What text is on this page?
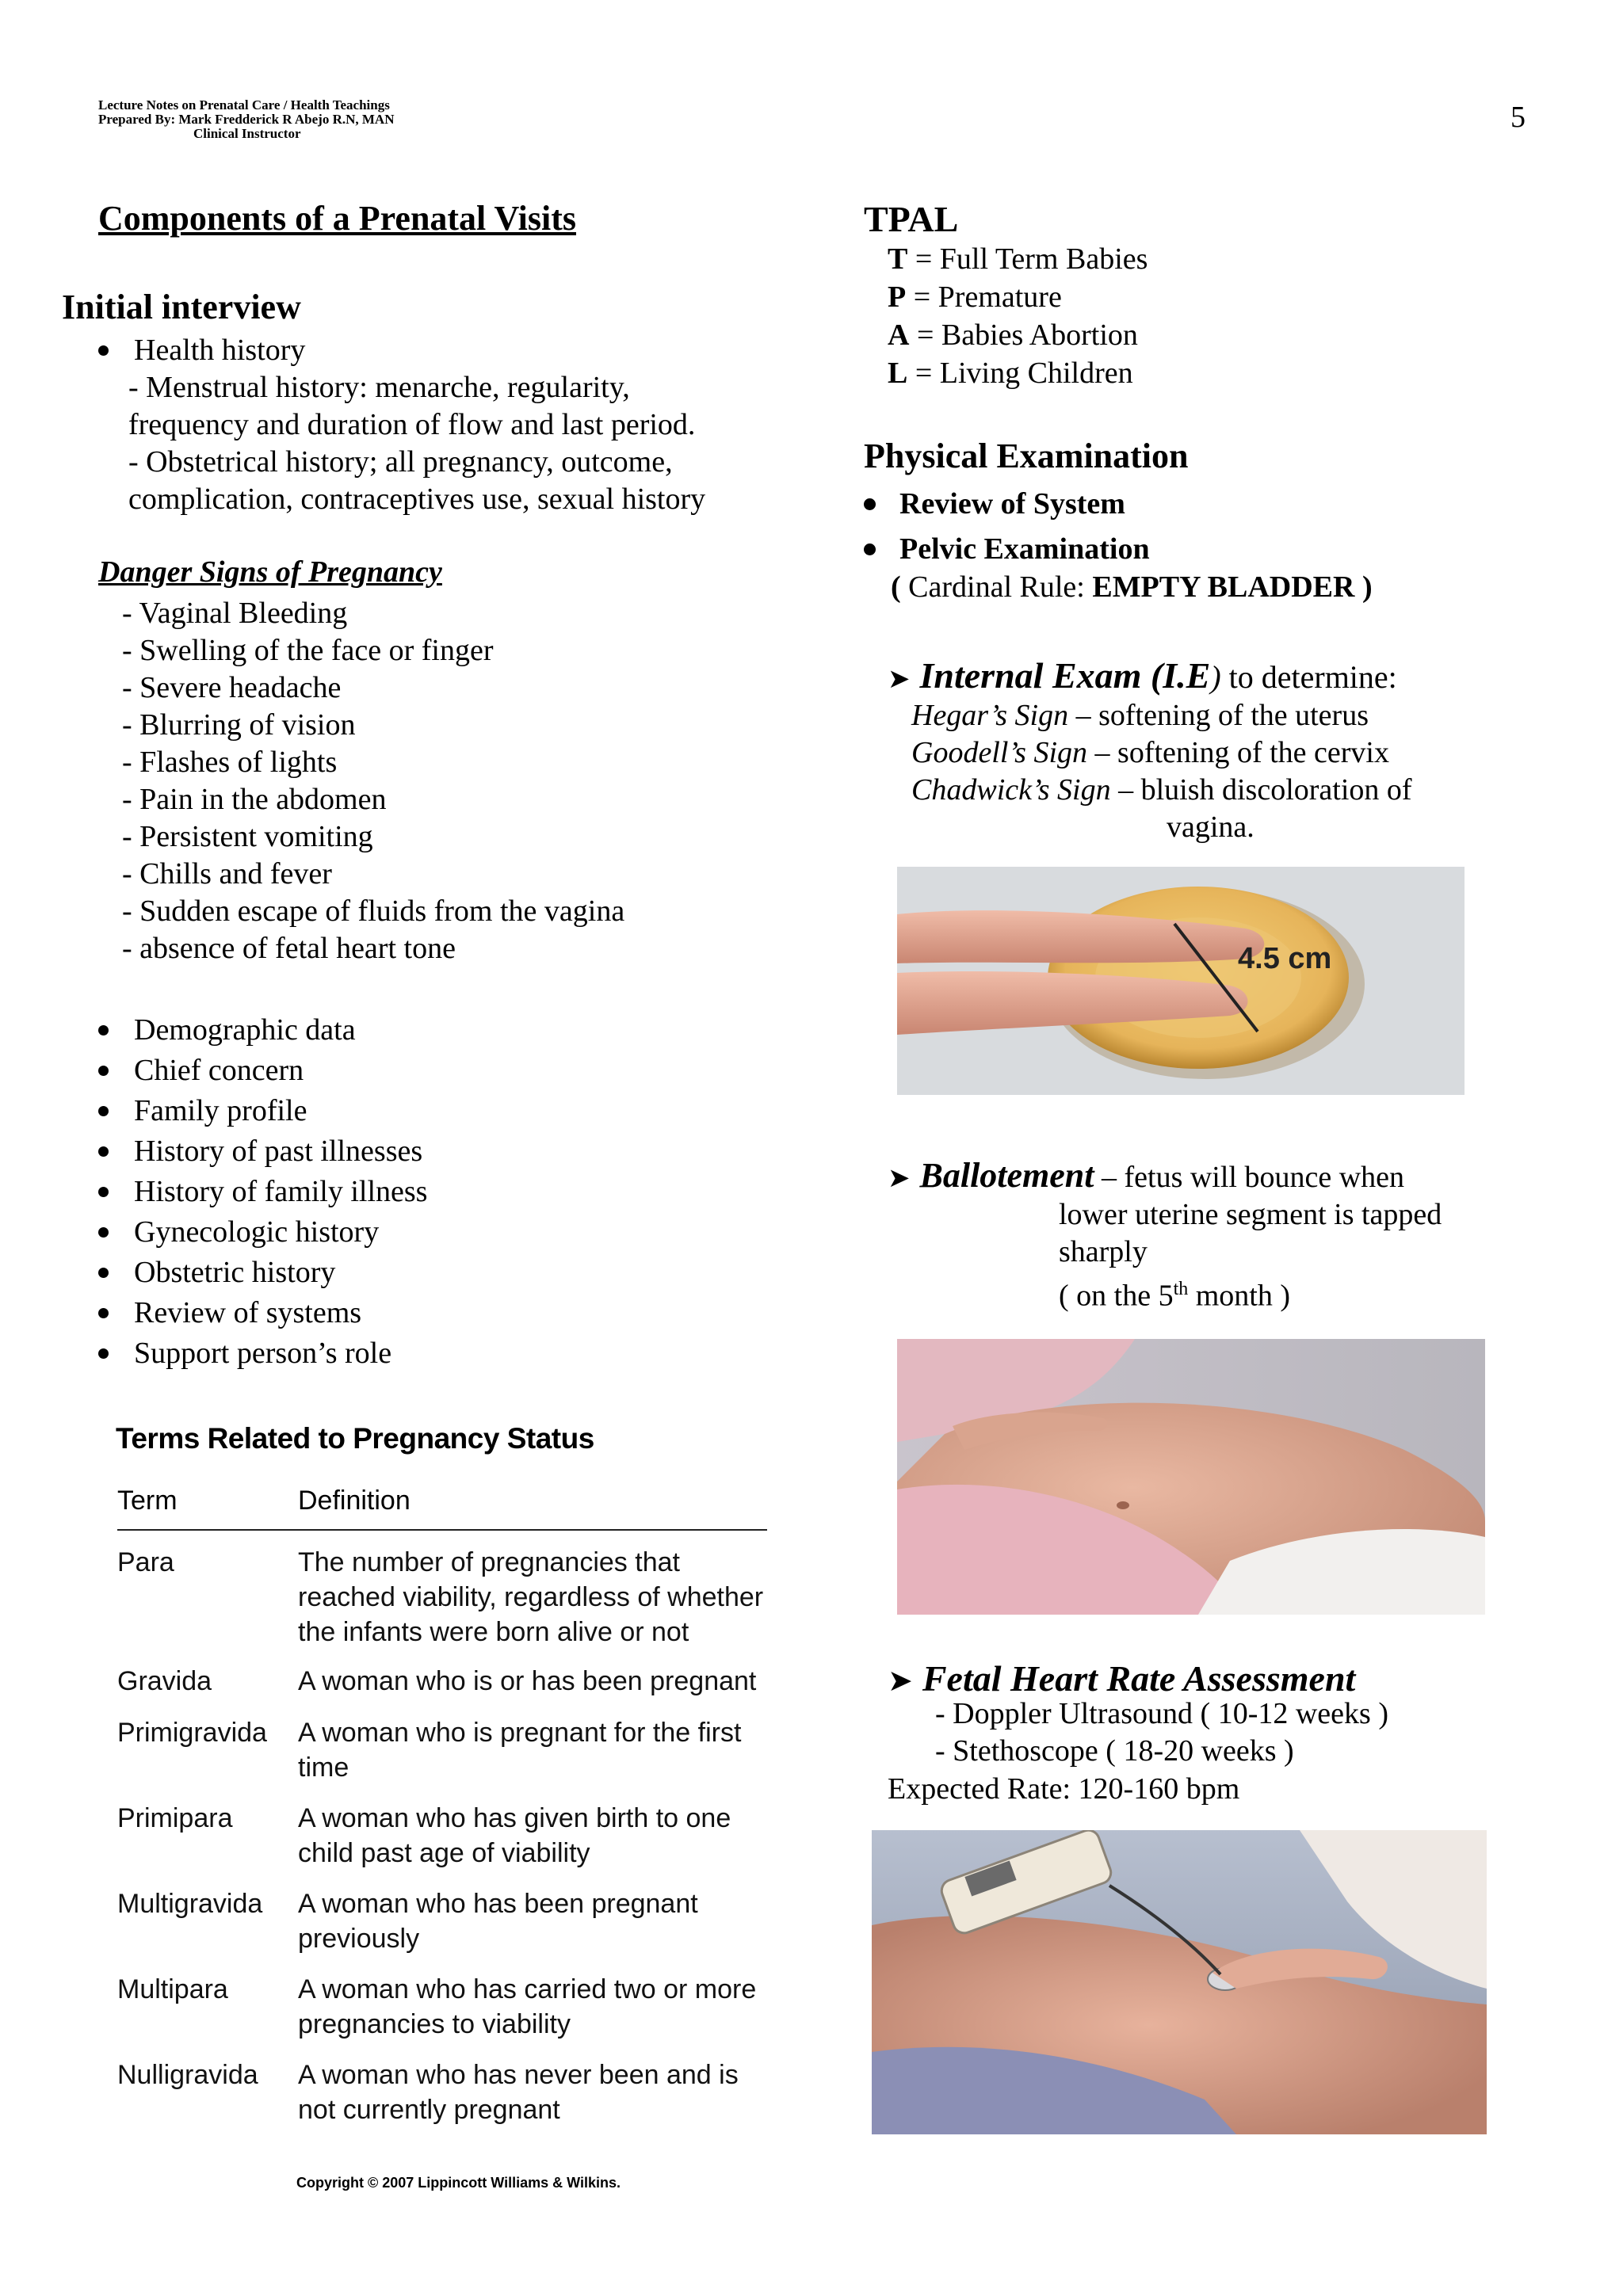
Lecture Notes on Prenatal Care / Health Teachings
Prepared By: Mark Fredderick R Abejo R.N, MAN
Clinical Instructor	5
Components of a Prenatal Visits
Initial interview
Health history
- Menstrual history: menarche, regularity,
frequency and duration of flow and last period.
- Obstetrical history; all pregnancy, outcome,
complication, contraceptives use, sexual history
Danger Signs of Pregnancy
- Vaginal Bleeding
- Swelling of the face or finger
- Severe headache
- Blurring of vision
- Flashes of lights
- Pain in the abdomen
- Persistent vomiting
- Chills and fever
- Sudden escape of fluids from the vagina
- absence of fetal heart tone
Demographic data
Chief concern
Family profile
History of past illnesses
History of family illness
Gynecologic history
Obstetric history
Review of systems
Support person’s role
Terms Related to Pregnancy Status
Term	Definition
Para	The number of pregnancies that reached viability, regardless of whether the infants were born alive or not
Gravida	A woman who is or has been pregnant
Primigravida A woman who is pregnant for the first time
Primipara A woman who has given birth to one child past age of viability
Multigravida A woman who has been pregnant previously
Multipara	A woman who has carried two or more pregnancies to viability
Nulligravida A woman who has never been and is not currently pregnant
Copyright © 2007 Lippincott Williams & Wilkins.
TPAL
T = Full Term Babies
P = Premature
A = Babies Abortion
L = Living Children
Physical Examination
Review of System
Pelvic Examination
( Cardinal Rule: EMPTY BLADDER )
➤ Internal Exam (I.E) to determine:
Hegar’s Sign – softening of the uterus
Goodell’s Sign – softening of the cervix
Chadwick’s Sign – bluish discoloration of
vagina.
4.5 cm
➤ Ballotement – fetus will bounce when
lower uterine segment is tapped
sharply
( on the 5th month )
➤ Fetal Heart Rate Assessment
- Doppler Ultrasound ( 10-12 weeks )
- Stethoscope ( 18-20 weeks )
Expected Rate: 120-160 bpm
